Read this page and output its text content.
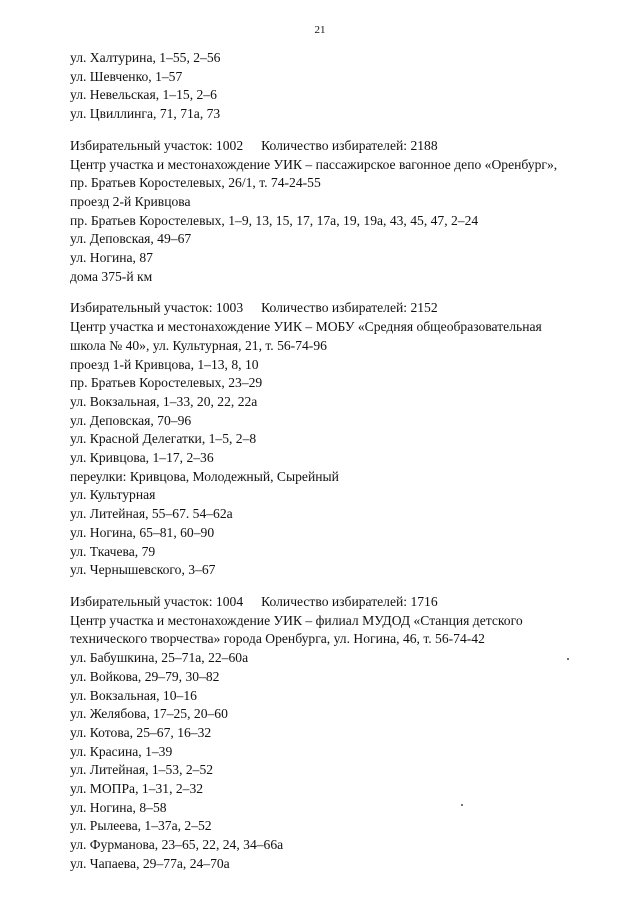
21
ул. Халтурина, 1–55, 2–56
ул. Шевченко, 1–57
ул. Невельская, 1–15, 2–6
ул. Цвиллинга, 71, 71а, 73
Избирательный участок: 1002 Количество избирателей: 2188
Центр участка и местонахождение УИК – пассажирское вагонное депо «Оренбург»,
пр. Братьев Коростелевых, 26/1, т. 74-24-55
проезд 2-й Кривцова
пр. Братьев Коростелевых, 1–9, 13, 15, 17, 17а, 19, 19а, 43, 45, 47, 2–24
ул. Деповская, 49–67
ул. Ногина, 87
дома 375-й км
Избирательный участок: 1003 Количество избирателей: 2152
Центр участка и местонахождение УИК – МОБУ «Средняя общеобразовательная
школа № 40», ул. Культурная, 21, т. 56-74-96
проезд 1-й Кривцова, 1–13, 8, 10
пр. Братьев Коростелевых, 23–29
ул. Вокзальная, 1–33, 20, 22, 22а
ул. Деповская, 70–96
ул. Красной Делегатки, 1–5, 2–8
ул. Кривцова, 1–17, 2–36
переулки: Кривцова, Молодежный, Сырейный
ул. Культурная
ул. Литейная, 55–67. 54–62а
ул. Ногина, 65–81, 60–90
ул. Ткачева, 79
ул. Чернышевского, 3–67
Избирательный участок: 1004 Количество избирателей: 1716
Центр участка и местонахождение УИК – филиал МУДОД «Станция детского
технического творчества» города Оренбурга, ул. Ногина, 46, т. 56-74-42
ул. Бабушкина, 25–71а, 22–60а
ул. Войкова, 29–79, 30–82
ул. Вокзальная, 10–16
ул. Желябова, 17–25, 20–60
ул. Котова, 25–67, 16–32
ул. Красина, 1–39
ул. Литейная, 1–53, 2–52
ул. МОПРа, 1–31, 2–32
ул. Ногина, 8–58
ул. Рылеева, 1–37а, 2–52
ул. Фурманова, 23–65, 22, 24, 34–66а
ул. Чапаева, 29–77а, 24–70а
